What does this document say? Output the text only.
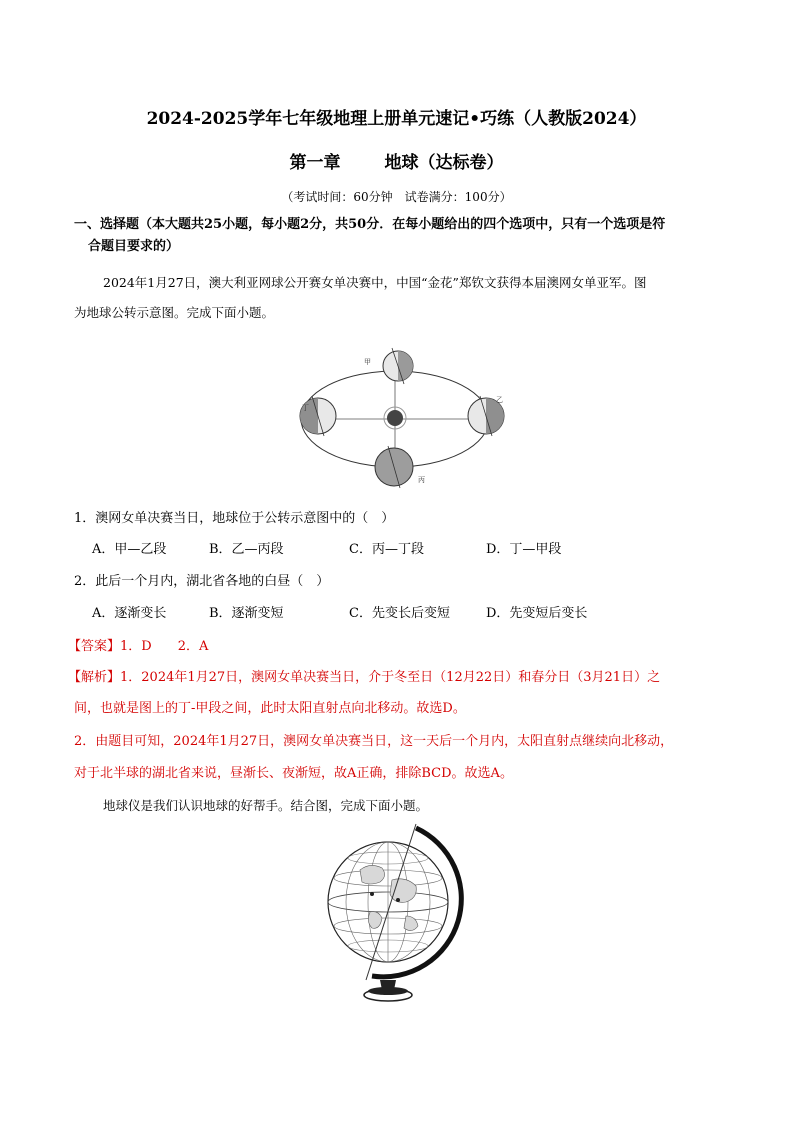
2024-2025学年七年级地理上册单元速记•巧练（人教版2024）
第一章	地球（达标卷）
（考试时间：60分钟　试卷满分：100分）
一、选择题（本大题共25小题，每小题2分，共50分．在每小题给出的四个选项中，只有一个选项是符
合题目要求的）
2024年1月27日，澳大利亚网球公开赛女单决赛中，中国“金花”郑钦文获得本届澳网女单亚军。图
为地球公转示意图。完成下面小题。
甲
丁
乙
丙
1．澳网女单决赛当日，地球位于公转示意图中的（　）
A．甲—乙段	B．乙—丙段	C．丙—丁段	D．丁—甲段
2．此后一个月内，湖北省各地的白昼（　）
A．逐渐变长	B．逐渐变短	C．先变长后变短	D．先变短后变长
【答案】1．D　　2．A
【解析】1．2024年1月27日，澳网女单决赛当日，介于冬至日（12月22日）和春分日（3月21日）之
间，也就是图上的丁-甲段之间，此时太阳直射点向北移动。故选D。
2．由题目可知，2024年1月27日，澳网女单决赛当日，这一天后一个月内，太阳直射点继续向北移动，
对于北半球的湖北省来说，昼渐长、夜渐短，故A正确，排除BCD。故选A。
地球仪是我们认识地球的好帮手。结合图，完成下面小题。
